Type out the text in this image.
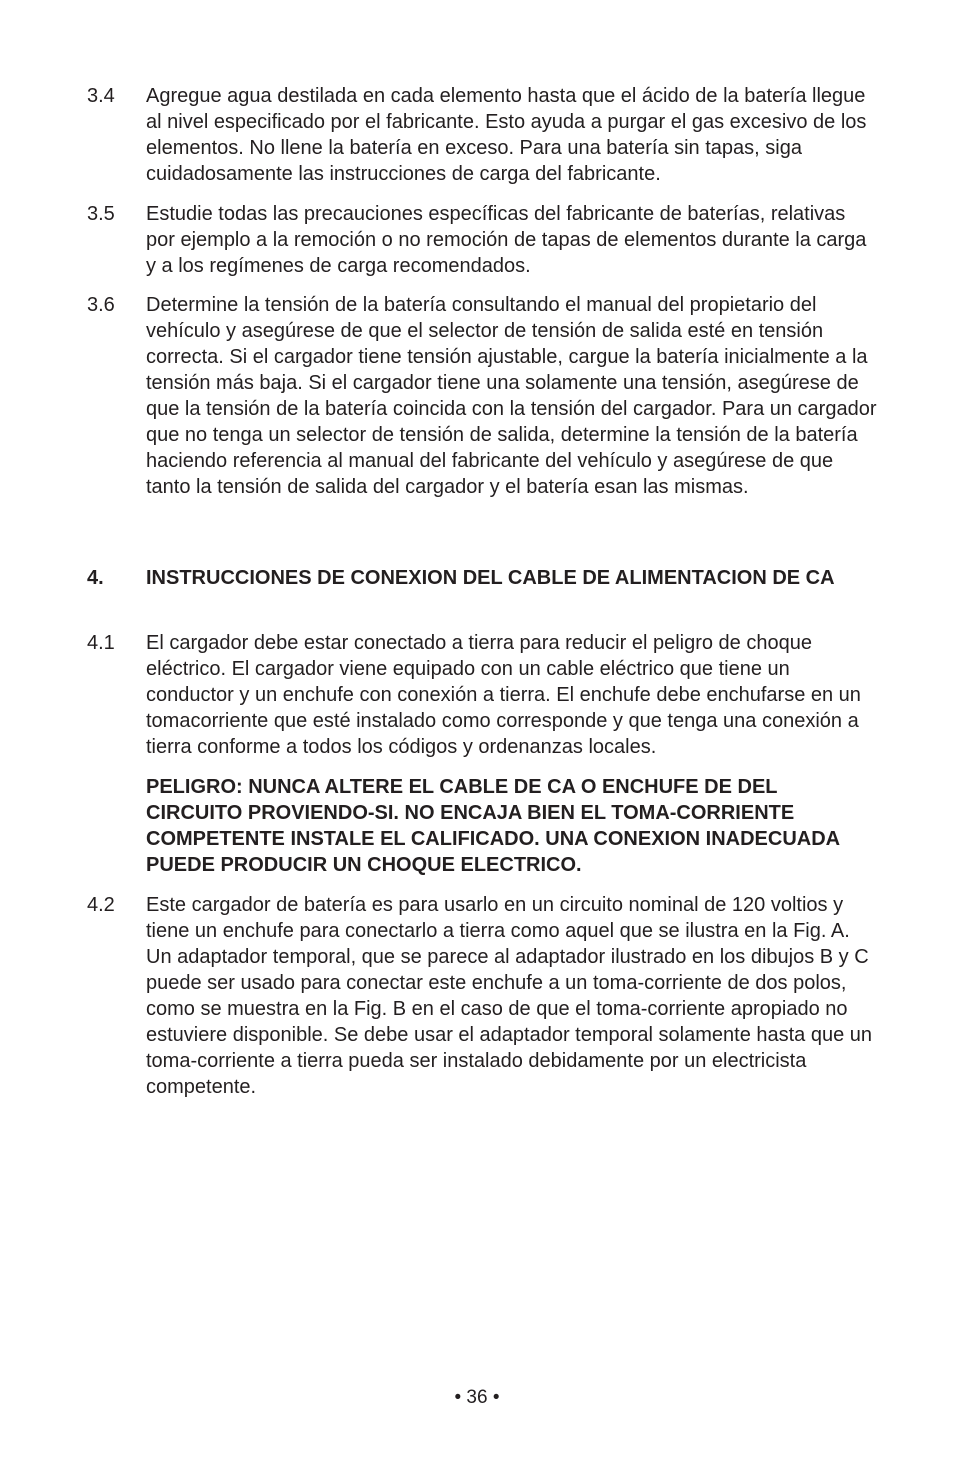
3.4	Agregue agua destilada en cada elemento hasta que el ácido de la batería llegue al nivel especificado por el fabricante. Esto ayuda a purgar el gas excesivo de los elementos. No llene la batería en exceso. Para una batería sin tapas, siga cuidadosamente las instrucciones de carga del fabricante.

3.5	Estudie todas las precauciones específicas del fabricante de baterías, relativas por ejemplo a la remoción o no remoción de tapas de elementos durante la carga y a los regímenes de carga recomendados.

3.6	Determine la tensión de la batería consultando el manual del propietario del vehículo y asegúrese de que el selector de tensión de salida esté en tensión correcta. Si el cargador tiene tensión ajustable, cargue la batería inicialmente a la tensión más baja. Si el cargador tiene una solamente una tensión, asegúrese de que la tensión de la batería coincida con la tensión del cargador. Para un cargador que no tenga un selector de tensión de salida, determine la tensión de la batería haciendo referencia al manual del fabricante del vehículo y asegúrese de que tanto la tensión de salida del cargador y el batería esan las mismas.

4.	INSTRUCCIONES DE CONEXION DEL CABLE DE ALIMENTACION DE CA

4.1	El cargador debe estar conectado a tierra para reducir el peligro de choque eléctrico. El cargador viene equipado con un cable eléctrico que tiene un conductor y un enchufe con conexión a tierra. El enchufe debe enchufarse en un tomacorriente que esté instalado como corresponde y que tenga una conexión a tierra conforme a todos los códigos y ordenanzas locales.

PELIGRO: NUNCA ALTERE EL CABLE DE CA O ENCHUFE DE DEL CIRCUITO PROVIENDO-SI. NO ENCAJA BIEN EL TOMA-CORRIENTE COMPETENTE INSTALE EL CALIFICADO. UNA CONEXION INADECUADA PUEDE PRODUCIR UN CHOQUE ELECTRICO.

4.2	Este cargador de batería es para usarlo en un circuito nominal de 120 voltios y tiene un enchufe para conectarlo a tierra como aquel que se ilustra en la Fig. A. Un adaptador temporal, que se parece al adaptador ilustrado en los dibujos B y C puede ser usado para conectar este enchufe a un toma-corriente de dos polos, como se muestra en la Fig. B en el caso de que el toma-corriente apropiado no estuviere disponible. Se debe usar el adaptador temporal solamente hasta que un toma-corriente a tierra pueda ser instalado debidamente por un electricista competente.

• 36 •
